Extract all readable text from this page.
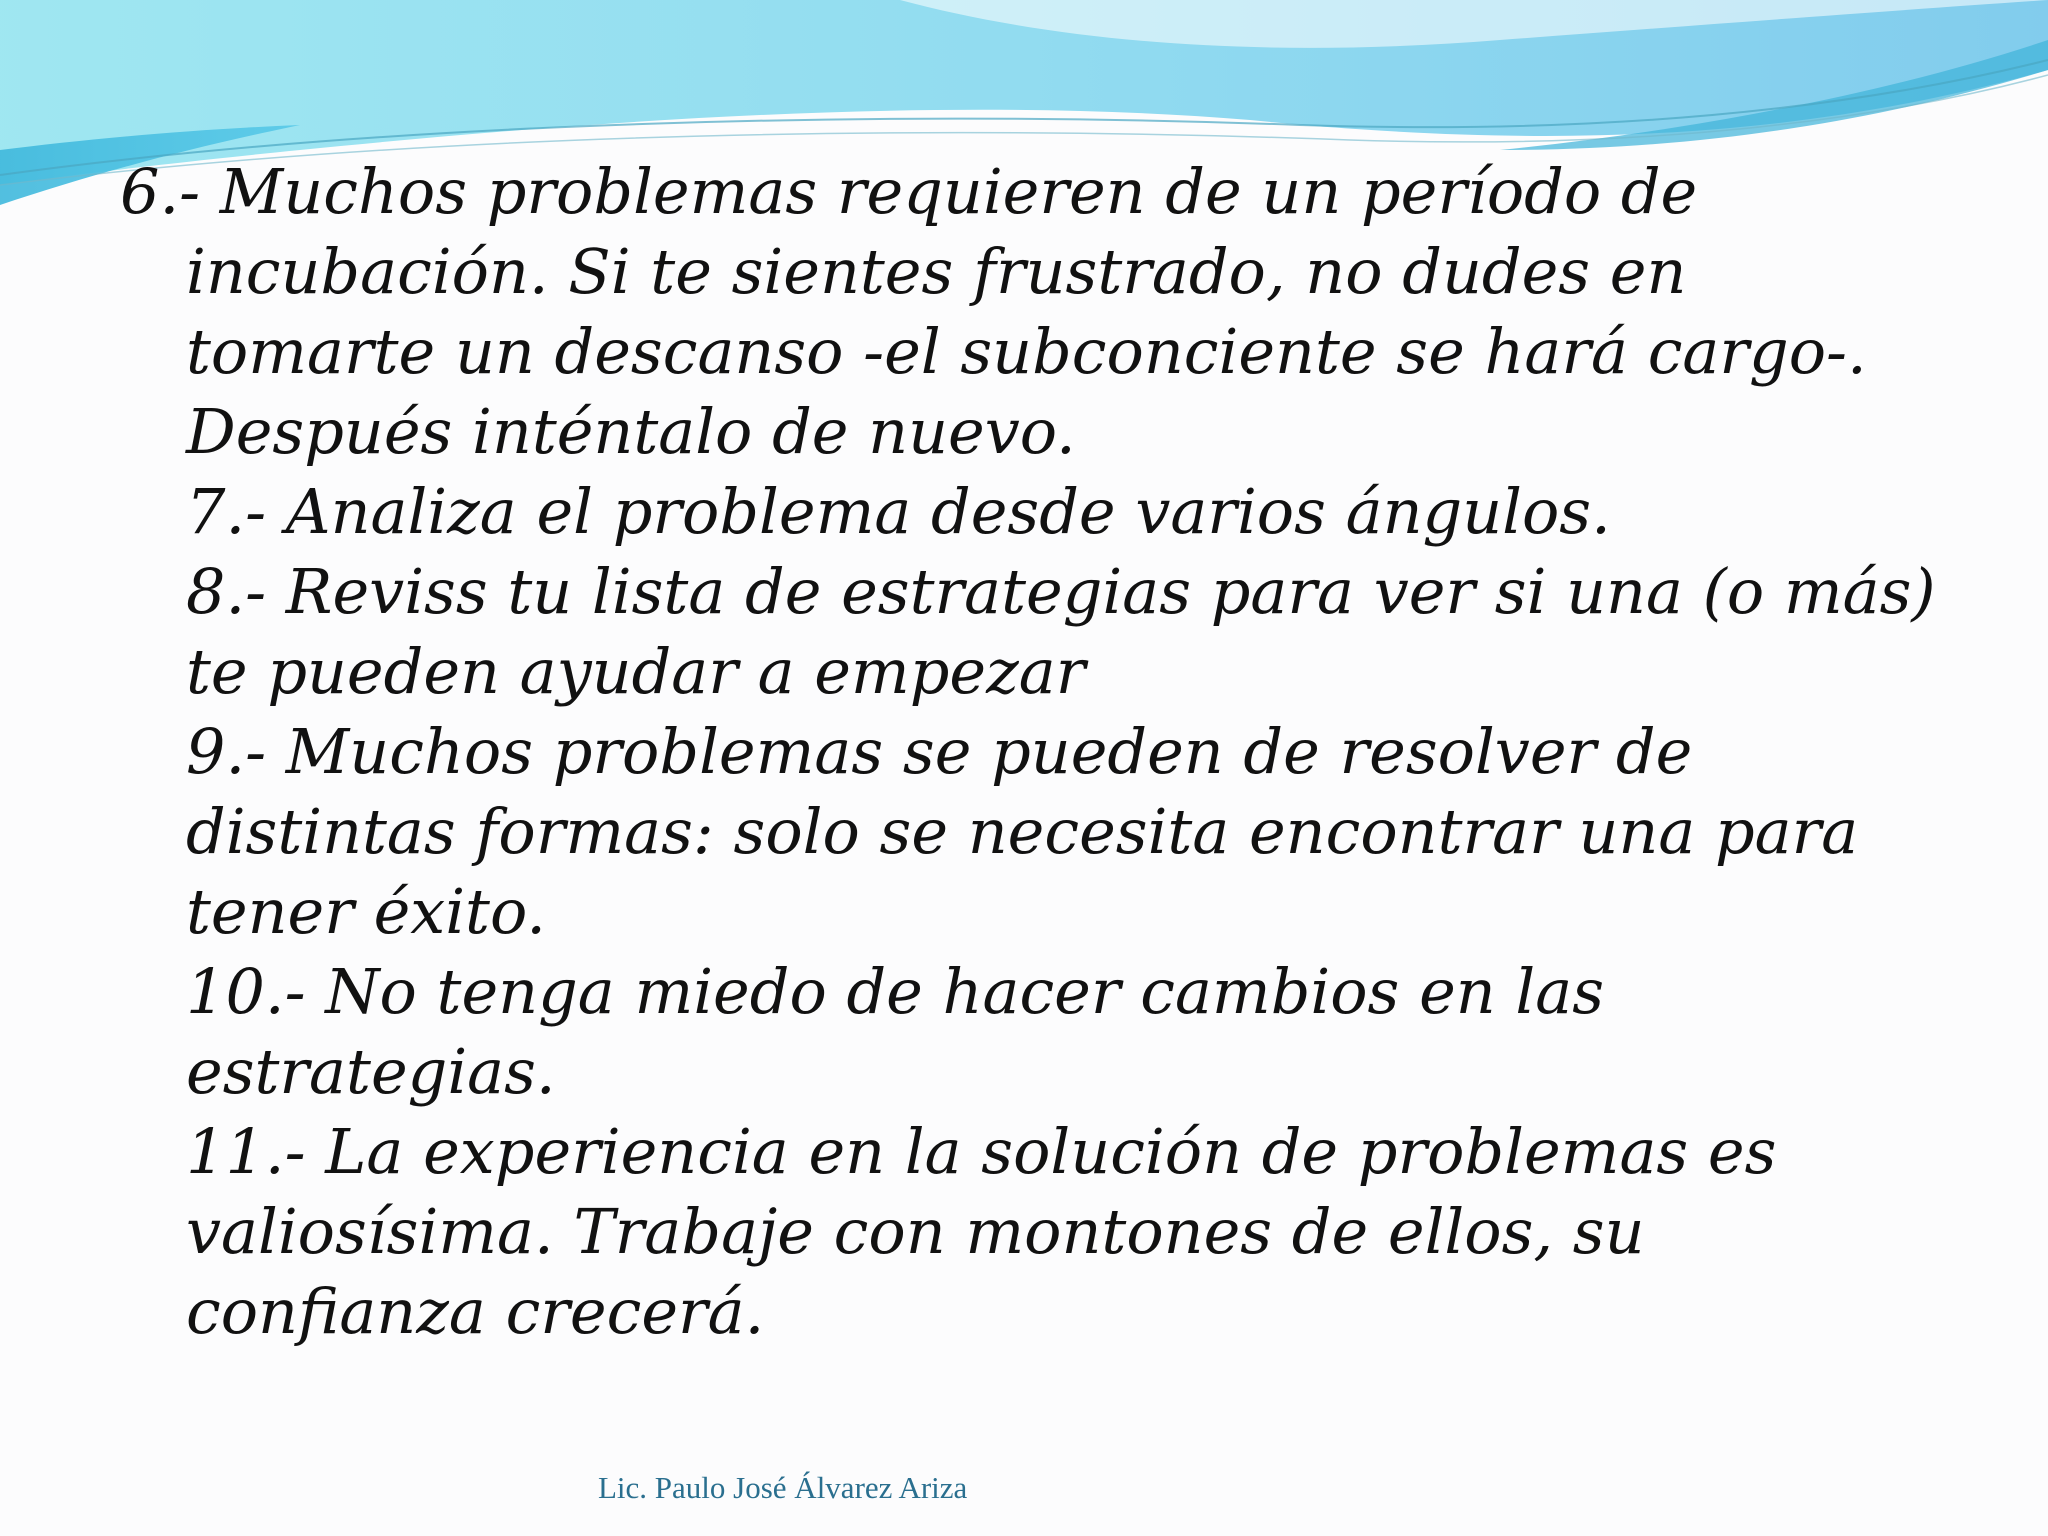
6.- Muchos problemas requieren de un período de
incubación. Si te sientes frustrado, no dudes en
tomarte un descanso -el subconciente se hará cargo-.
Después inténtalo de nuevo.
7.- Analiza el problema desde varios ángulos.
8.- Reviss tu lista de estrategias para ver si una (o más)
te pueden ayudar a empezar
9.- Muchos problemas se pueden de resolver de
distintas formas: solo se necesita encontrar una para
tener éxito.
10.- No tenga miedo de hacer cambios en las
estrategias.
11.- La experiencia en la solución de problemas es
valiosísima. Trabaje con montones de ellos, su
confianza crecerá.
Lic. Paulo José Álvarez Ariza
